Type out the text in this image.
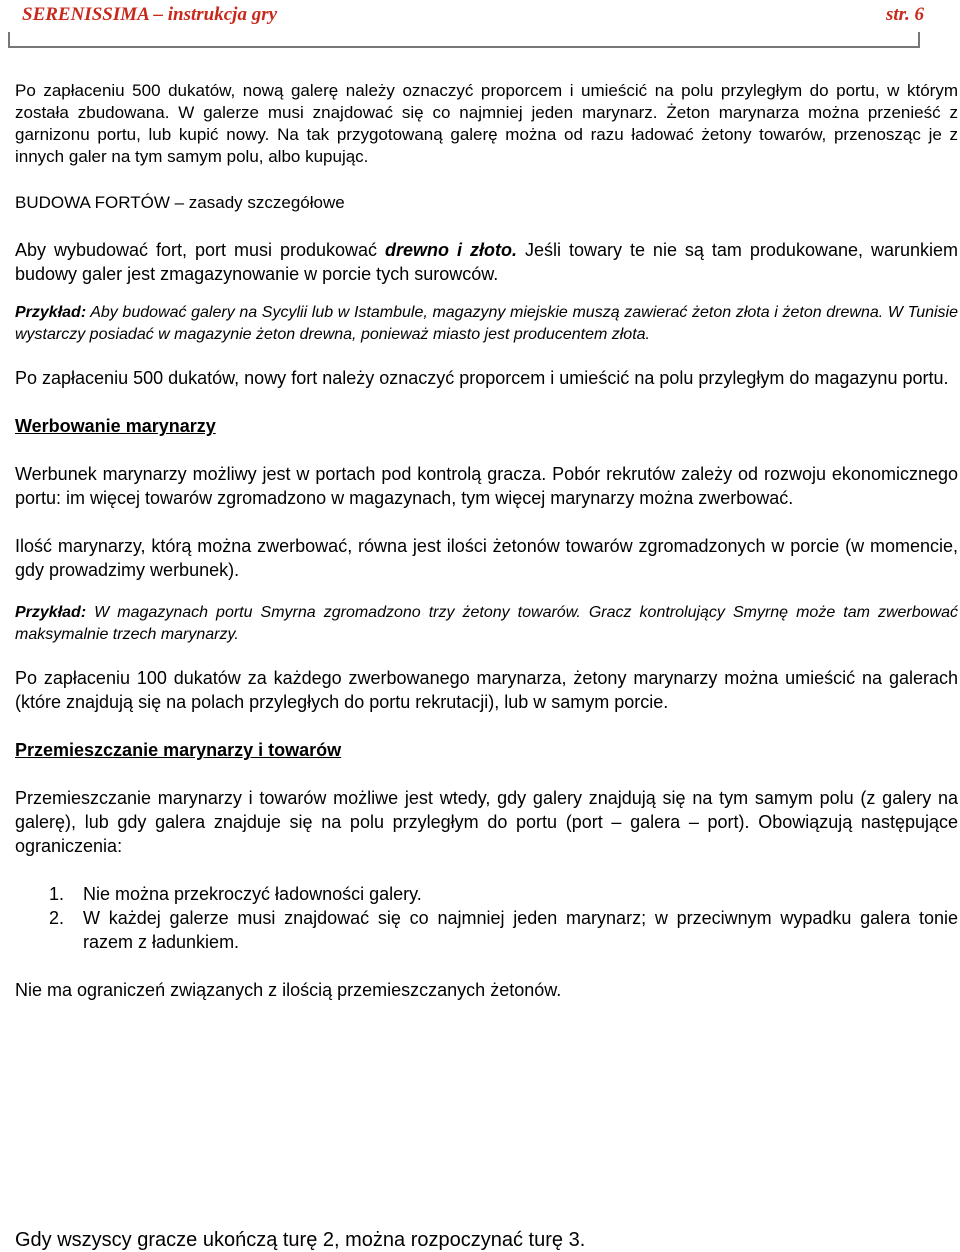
SERENISSIMA – instrukcja gry	str. 6

Po zapłaceniu 500 dukatów, nową galerę należy oznaczyć proporcem i umieścić na polu przyległym do portu, w którym została zbudowana. W galerze musi znajdować się co najmniej jeden marynarz. Żeton marynarza można przenieść z garnizonu portu, lub kupić nowy. Na tak przygotowaną galerę można od razu ładować żetony towarów, przenosząc je z innych galer na tym samym polu, albo kupując.

BUDOWA FORTÓW – zasady szczegółowe

Aby wybudować fort, port musi produkować drewno i złoto. Jeśli towary te nie są tam produkowane, warunkiem budowy galer jest zmagazynowanie w porcie tych surowców.

Przykład: Aby budować galery na Sycylii lub w Istambule, magazyny miejskie muszą zawierać żeton złota i żeton drewna. W Tunisie wystarczy posiadać w magazynie żeton drewna, ponieważ miasto jest producentem złota.

Po zapłaceniu 500 dukatów, nowy fort należy oznaczyć proporcem i umieścić na polu przyległym do magazynu portu.

Werbowanie marynarzy

Werbunek marynarzy możliwy jest w portach pod kontrolą gracza. Pobór rekrutów zależy od rozwoju ekonomicznego portu: im więcej towarów zgromadzono w magazynach, tym więcej marynarzy można zwerbować.

Ilość marynarzy, którą można zwerbować, równa jest ilości żetonów towarów zgromadzonych w porcie (w momencie, gdy prowadzimy werbunek).

Przykład: W magazynach portu Smyrna zgromadzono trzy żetony towarów. Gracz kontrolujący Smyrnę może tam zwerbować maksymalnie trzech marynarzy.

Po zapłaceniu 100 dukatów za każdego zwerbowanego marynarza, żetony marynarzy można umieścić na galerach (które znajdują się na polach przyległych do portu rekrutacji), lub w samym porcie.

Przemieszczanie marynarzy i towarów

Przemieszczanie marynarzy i towarów możliwe jest wtedy, gdy galery znajdują się na tym samym polu (z galery na galerę), lub gdy galera znajduje się na polu przyległym do portu (port – galera – port). Obowiązują następujące ograniczenia:

1. Nie można przekroczyć ładowności galery.
2. W każdej galerze musi znajdować się co najmniej jeden marynarz; w przeciwnym wypadku galera tonie razem z ładunkiem.

Nie ma ograniczeń związanych z ilością przemieszczanych żetonów.

Gdy wszyscy gracze ukończą turę 2, można rozpoczynać turę 3.
